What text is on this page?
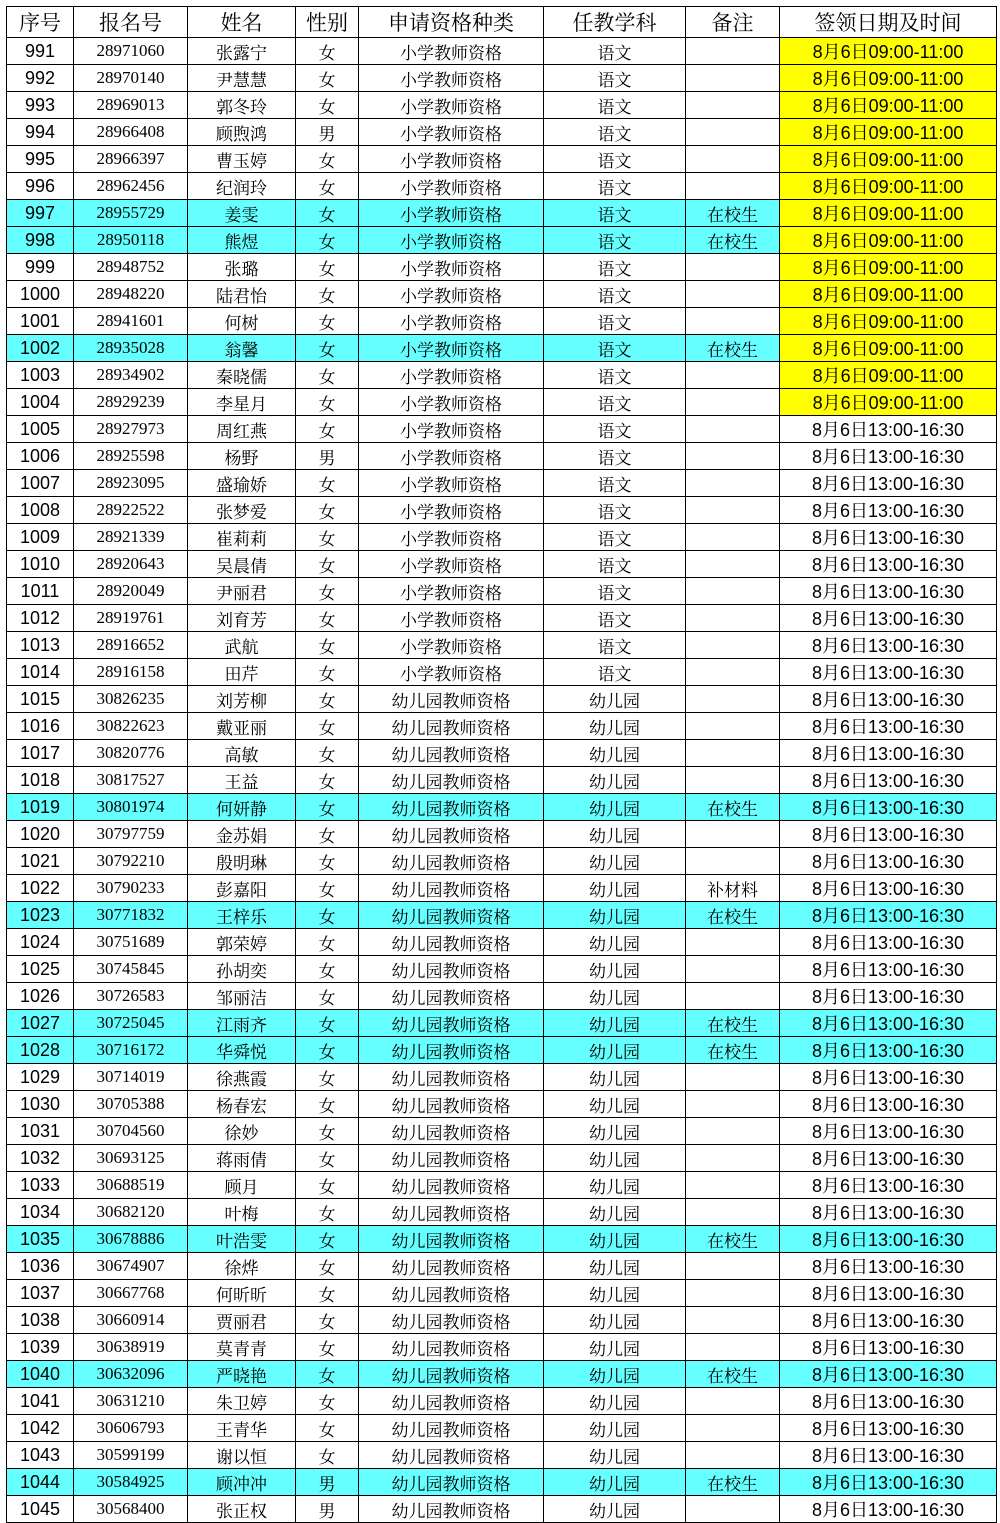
序号	报名号	姓名	性别	申请资格种类	任教学科	备注	签领日期及时间
991	28971060	张露宁	女	小学教师资格	语文		8月6日09:00-11:00
992	28970140	尹慧慧	女	小学教师资格	语文		8月6日09:00-11:00
993	28969013	郭冬玲	女	小学教师资格	语文		8月6日09:00-11:00
994	28966408	顾煦鸿	男	小学教师资格	语文		8月6日09:00-11:00
995	28966397	曹玉婷	女	小学教师资格	语文		8月6日09:00-11:00
996	28962456	纪润玲	女	小学教师资格	语文		8月6日09:00-11:00
997	28955729	姜雯	女	小学教师资格	语文	在校生	8月6日09:00-11:00
998	28950118	熊煜	女	小学教师资格	语文	在校生	8月6日09:00-11:00
999	28948752	张璐	女	小学教师资格	语文		8月6日09:00-11:00
1000	28948220	陆君怡	女	小学教师资格	语文		8月6日09:00-11:00
1001	28941601	何树	女	小学教师资格	语文		8月6日09:00-11:00
1002	28935028	翁馨	女	小学教师资格	语文	在校生	8月6日09:00-11:00
1003	28934902	秦晓儒	女	小学教师资格	语文		8月6日09:00-11:00
1004	28929239	李星月	女	小学教师资格	语文		8月6日09:00-11:00
1005	28927973	周红燕	女	小学教师资格	语文		8月6日13:00-16:30
1006	28925598	杨野	男	小学教师资格	语文		8月6日13:00-16:30
1007	28923095	盛瑜娇	女	小学教师资格	语文		8月6日13:00-16:30
1008	28922522	张梦爱	女	小学教师资格	语文		8月6日13:00-16:30
1009	28921339	崔莉莉	女	小学教师资格	语文		8月6日13:00-16:30
1010	28920643	吴晨倩	女	小学教师资格	语文		8月6日13:00-16:30
1011	28920049	尹丽君	女	小学教师资格	语文		8月6日13:00-16:30
1012	28919761	刘育芳	女	小学教师资格	语文		8月6日13:00-16:30
1013	28916652	武航	女	小学教师资格	语文		8月6日13:00-16:30
1014	28916158	田芹	女	小学教师资格	语文		8月6日13:00-16:30
1015	30826235	刘芳柳	女	幼儿园教师资格	幼儿园		8月6日13:00-16:30
1016	30822623	戴亚丽	女	幼儿园教师资格	幼儿园		8月6日13:00-16:30
1017	30820776	高敏	女	幼儿园教师资格	幼儿园		8月6日13:00-16:30
1018	30817527	王益	女	幼儿园教师资格	幼儿园		8月6日13:00-16:30
1019	30801974	何妍静	女	幼儿园教师资格	幼儿园	在校生	8月6日13:00-16:30
1020	30797759	金苏娟	女	幼儿园教师资格	幼儿园		8月6日13:00-16:30
1021	30792210	殷明琳	女	幼儿园教师资格	幼儿园		8月6日13:00-16:30
1022	30790233	彭嘉阳	女	幼儿园教师资格	幼儿园	补材料	8月6日13:00-16:30
1023	30771832	王梓乐	女	幼儿园教师资格	幼儿园	在校生	8月6日13:00-16:30
1024	30751689	郭荣婷	女	幼儿园教师资格	幼儿园		8月6日13:00-16:30
1025	30745845	孙胡奕	女	幼儿园教师资格	幼儿园		8月6日13:00-16:30
1026	30726583	邹丽洁	女	幼儿园教师资格	幼儿园		8月6日13:00-16:30
1027	30725045	江雨齐	女	幼儿园教师资格	幼儿园	在校生	8月6日13:00-16:30
1028	30716172	华舜悦	女	幼儿园教师资格	幼儿园	在校生	8月6日13:00-16:30
1029	30714019	徐燕霞	女	幼儿园教师资格	幼儿园		8月6日13:00-16:30
1030	30705388	杨春宏	女	幼儿园教师资格	幼儿园		8月6日13:00-16:30
1031	30704560	徐妙	女	幼儿园教师资格	幼儿园		8月6日13:00-16:30
1032	30693125	蒋雨倩	女	幼儿园教师资格	幼儿园		8月6日13:00-16:30
1033	30688519	顾月	女	幼儿园教师资格	幼儿园		8月6日13:00-16:30
1034	30682120	叶梅	女	幼儿园教师资格	幼儿园		8月6日13:00-16:30
1035	30678886	叶浩雯	女	幼儿园教师资格	幼儿园	在校生	8月6日13:00-16:30
1036	30674907	徐烨	女	幼儿园教师资格	幼儿园		8月6日13:00-16:30
1037	30667768	何昕昕	女	幼儿园教师资格	幼儿园		8月6日13:00-16:30
1038	30660914	贾丽君	女	幼儿园教师资格	幼儿园		8月6日13:00-16:30
1039	30638919	莫青青	女	幼儿园教师资格	幼儿园		8月6日13:00-16:30
1040	30632096	严晓艳	女	幼儿园教师资格	幼儿园	在校生	8月6日13:00-16:30
1041	30631210	朱卫婷	女	幼儿园教师资格	幼儿园		8月6日13:00-16:30
1042	30606793	王青华	女	幼儿园教师资格	幼儿园		8月6日13:00-16:30
1043	30599199	谢以恒	女	幼儿园教师资格	幼儿园		8月6日13:00-16:30
1044	30584925	顾冲冲	男	幼儿园教师资格	幼儿园	在校生	8月6日13:00-16:30
1045	30568400	张正权	男	幼儿园教师资格	幼儿园		8月6日13:00-16:30
